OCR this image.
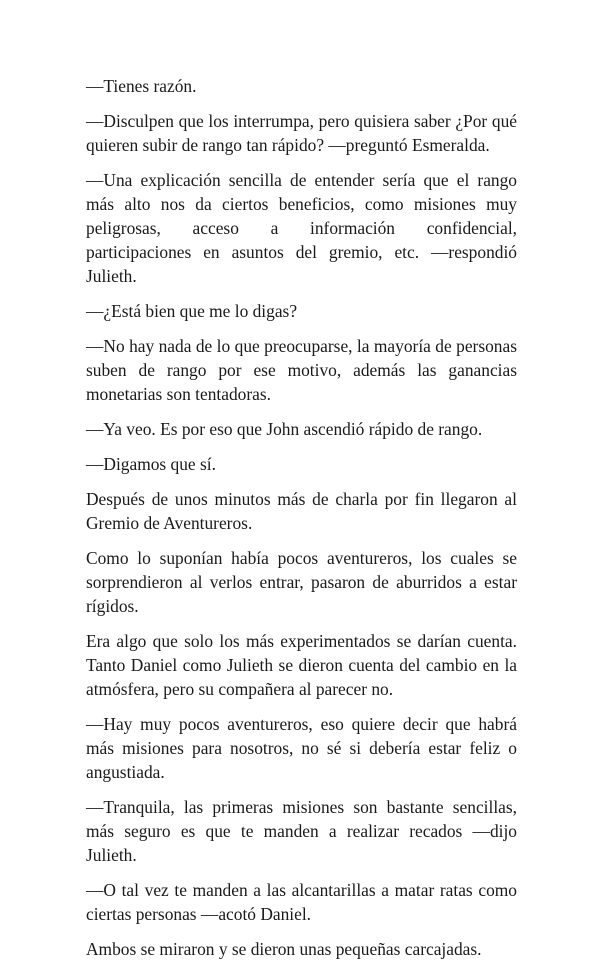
—Tienes razón.

—Disculpen que los interrumpa, pero quisiera saber ¿Por qué quieren subir de rango tan rápido? —preguntó Esmeralda.

—Una explicación sencilla de entender sería que el rango más alto nos da ciertos beneficios, como misiones muy peligrosas, acceso a información confidencial, participaciones en asuntos del gremio, etc. —respondió Julieth.

—¿Está bien que me lo digas?

—No hay nada de lo que preocuparse, la mayoría de personas suben de rango por ese motivo, además las ganancias monetarias son tentadoras.

—Ya veo. Es por eso que John ascendió rápido de rango.

—Digamos que sí.

Después de unos minutos más de charla por fin llegaron al Gremio de Aventureros.

Como lo suponían había pocos aventureros, los cuales se sorprendieron al verlos entrar, pasaron de aburridos a estar rígidos.

Era algo que solo los más experimentados se darían cuenta. Tanto Daniel como Julieth se dieron cuenta del cambio en la atmósfera, pero su compañera al parecer no.

—Hay muy pocos aventureros, eso quiere decir que habrá más misiones para nosotros, no sé si debería estar feliz o angustiada.

—Tranquila, las primeras misiones son bastante sencillas, más seguro es que te manden a realizar recados —dijo Julieth.

—O tal vez te manden a las alcantarillas a matar ratas como ciertas personas —acotó Daniel.

Ambos se miraron y se dieron unas pequeñas carcajadas.
